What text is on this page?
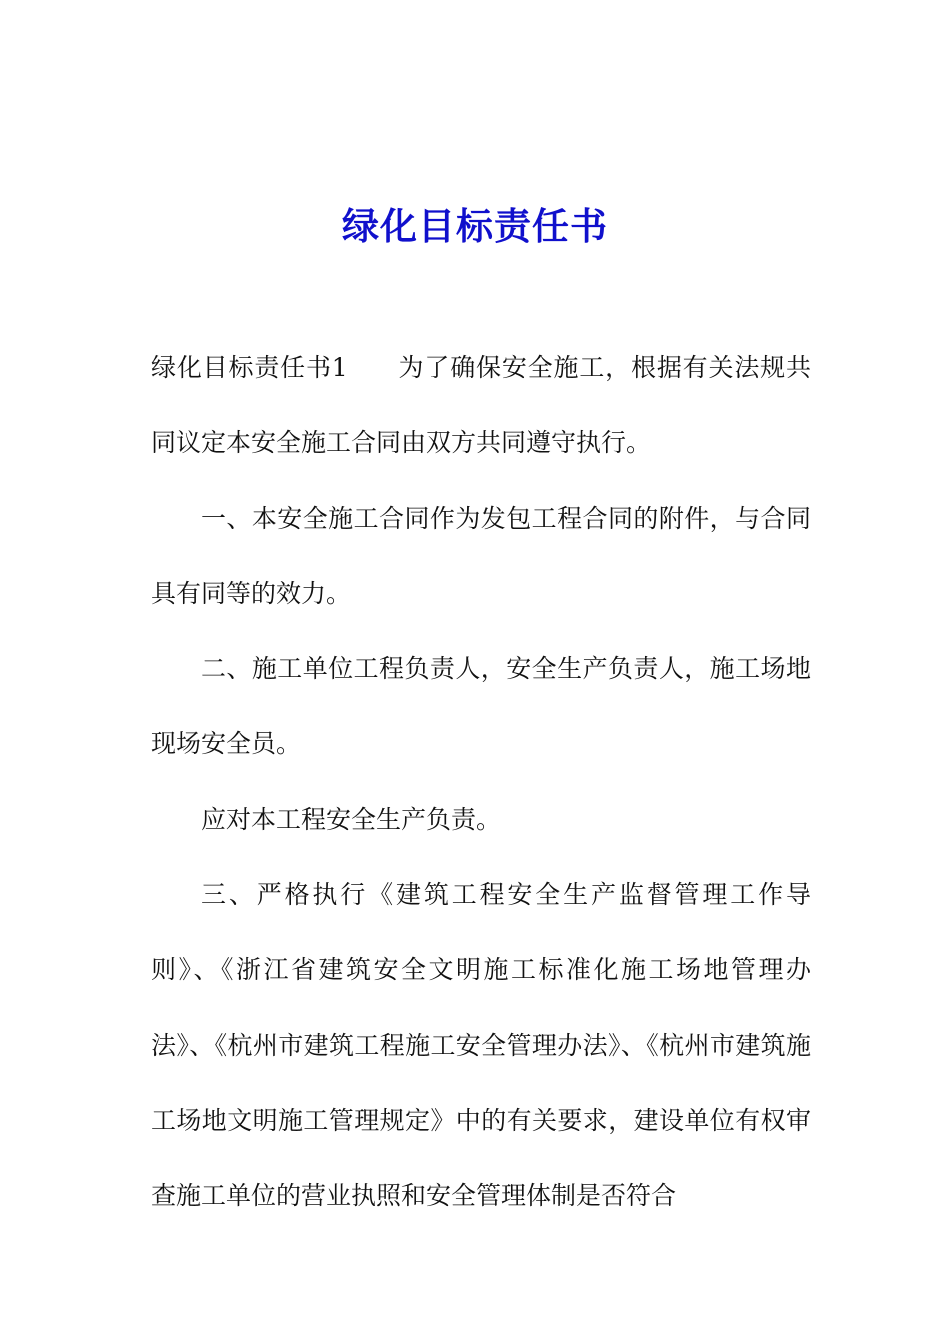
绿化目标责任书

绿化目标责任书1 为了确保安全施工，根据有关法规共同议定本安全施工合同由双方共同遵守执行。

一、本安全施工合同作为发包工程合同的附件，与合同具有同等的效力。

二、施工单位工程负责人，安全生产负责人，施工场地现场安全员。

应对本工程安全生产负责。

三、严格执行《建筑工程安全生产监督管理工作导则》、《浙江省建筑安全文明施工标准化施工场地管理办法》、《杭州市建筑工程施工安全管理办法》、《杭州市建筑施工场地文明施工管理规定》中的有关要求，建设单位有权审查施工单位的营业执照和安全管理体制是否符合
